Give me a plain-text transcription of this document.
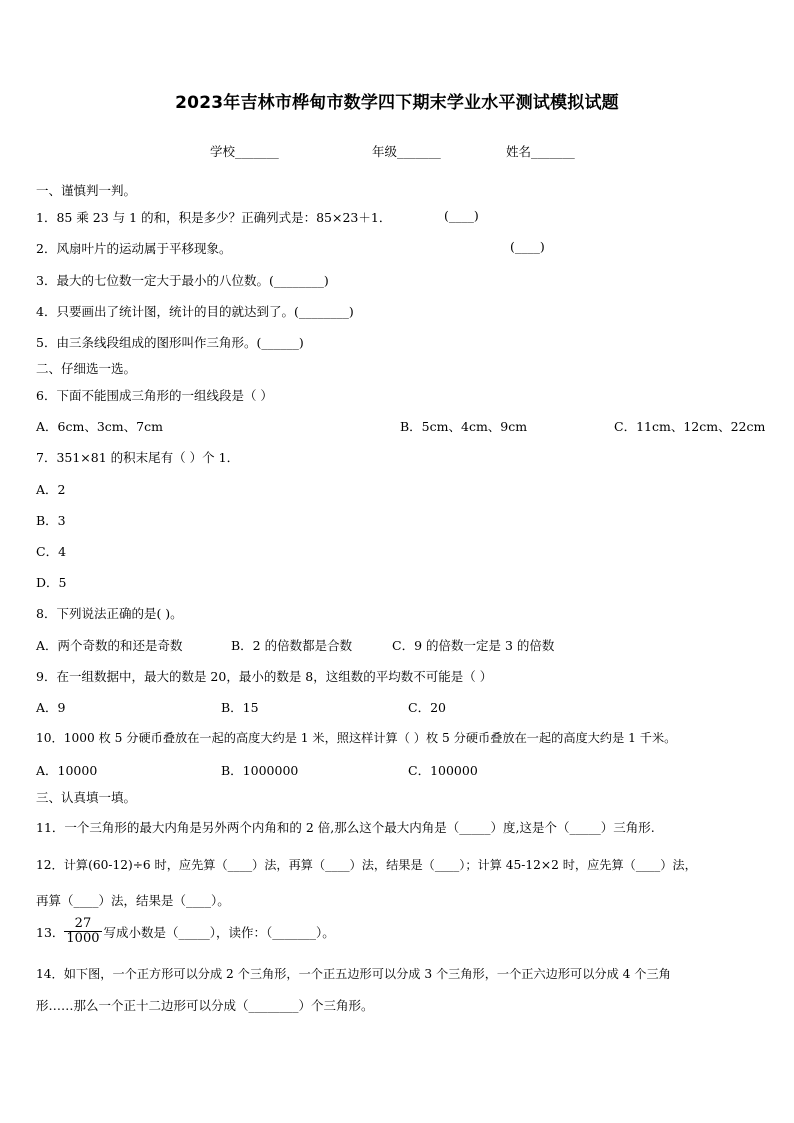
2023年吉林市桦甸市数学四下期末学业水平测试模拟试题
学校_______	年级_______	姓名_______
一、谨慎判一判。
1．85 乘 23 与 1 的和，积是多少？正确列式是：85×23＋1．	(____)
2．风扇叶片的运动属于平移现象。	(____)
3．最大的七位数一定大于最小的八位数。(________)
4．只要画出了统计图，统计的目的就达到了。(________)
5．由三条线段组成的图形叫作三角形。(______)
二、仔细选一选。
6．下面不能围成三角形的一组线段是（ ）
A．6cm、3cm、7cm	B．5cm、4cm、9cm	C．11cm、12cm、22cm
7．351×81 的积末尾有（ ）个 1．
A．2
B．3
C．4
D．5
8．下列说法正确的是( )。
A．两个奇数的和还是奇数	B．2 的倍数都是合数	C．9 的倍数一定是 3 的倍数
9．在一组数据中，最大的数是 20，最小的数是 8，这组数的平均数不可能是（ ）
A．9	B．15	C．20
10．1000 枚 5 分硬币叠放在一起的高度大约是 1 米，照这样计算（ ）枚 5 分硬币叠放在一起的高度大约是 1 千米。
A．10000	B．1000000	C．100000
三、认真填一填。
11．一个三角形的最大内角是另外两个内角和的 2 倍,那么这个最大内角是（_____）度,这是个（_____）三角形.
12．计算(60-12)÷6 时，应先算（____）法，再算（____）法，结果是（____）；计算 45-12×2 时，应先算（____）法，
再算（____）法，结果是（____）。
13． $\frac{27}{1000}$ 写成小数是（_____），读作：（_______）。
14．如下图，一个正方形可以分成 2 个三角形，一个正五边形可以分成 3 个三角形，一个正六边形可以分成 4 个三角
形……那么一个正十二边形可以分成（________）个三角形。
